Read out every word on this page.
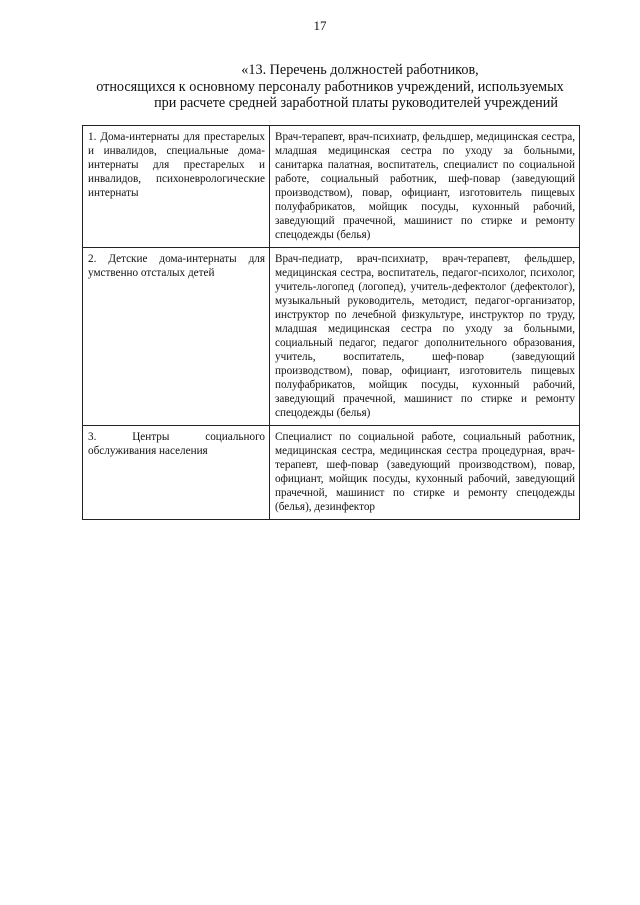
17
«13. Перечень должностей работников,
относящихся к основному персоналу работников учреждений, используемых
при расчете средней заработной платы руководителей учреждений
1. Дома-интернаты для престарелых и инвалидов, специальные дома-интернаты для престарелых и инвалидов, психоневрологические интернаты	Врач-терапевт, врач-психиатр, фельдшер, медицинская сестра, младшая медицинская сестра по уходу за больными, санитарка палатная, воспитатель, специалист по социальной работе, социальный работник, шеф-повар (заведующий производством), повар, официант, изготовитель пищевых полуфабрикатов, мойщик посуды, кухонный рабочий, заведующий прачечной, машинист по стирке и ремонту спецодежды (белья)
2. Детские дома-интернаты для умственно отсталых детей	Врач-педиатр, врач-психиатр, врач-терапевт, фельдшер, медицинская сестра, воспитатель, педагог-психолог, психолог, учитель-логопед (логопед), учитель-дефектолог (дефектолог), музыкальный руководитель, методист, педагог-организатор, инструктор по лечебной физкультуре, инструктор по труду, младшая медицинская сестра по уходу за больными, социальный педагог, педагог дополнительного образования, учитель, воспитатель, шеф-повар (заведующий производством), повар, официант, изготовитель пищевых полуфабрикатов, мойщик посуды, кухонный рабочий, заведующий прачечной, машинист по стирке и ремонту спецодежды (белья)
3. Центры социального обслуживания населения	Специалист по социальной работе, социальный работник, медицинская сестра, медицинская сестра процедурная, врач-терапевт, шеф-повар (заведующий производством), повар, официант, мойщик посуды, кухонный рабочий, заведующий прачечной, машинист по стирке и ремонту спецодежды (белья), дезинфектор
